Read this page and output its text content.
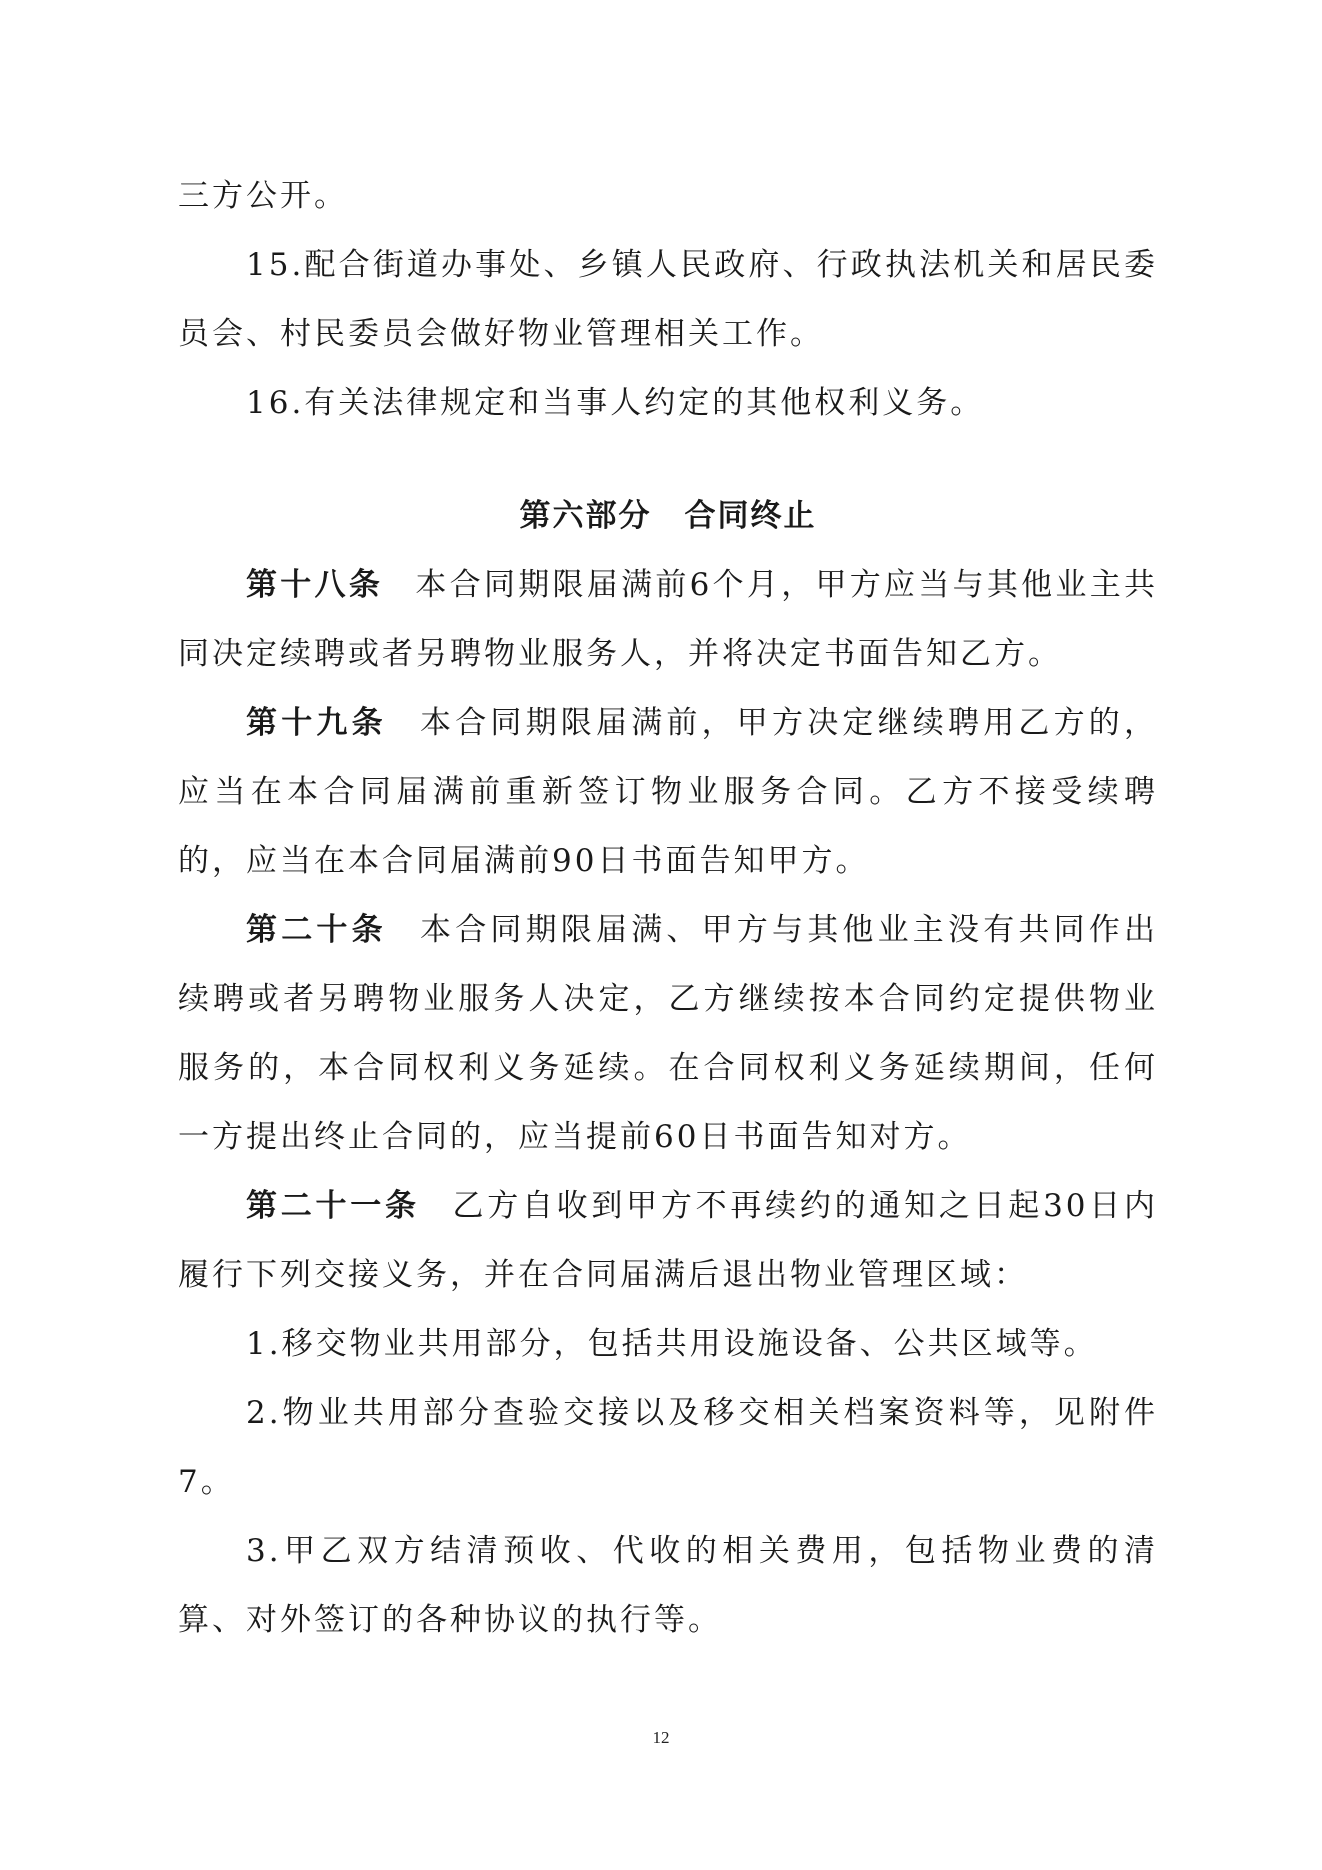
三方公开。

15.配合街道办事处、乡镇人民政府、行政执法机关和居民委员会、村民委员会做好物业管理相关工作。

16.有关法律规定和当事人约定的其他权利义务。

第六部分　合同终止

第十八条 本合同期限届满前6个月，甲方应当与其他业主共同决定续聘或者另聘物业服务人，并将决定书面告知乙方。

第十九条 本合同期限届满前，甲方决定继续聘用乙方的，应当在本合同届满前重新签订物业服务合同。乙方不接受续聘的，应当在本合同届满前90日书面告知甲方。

第二十条 本合同期限届满、甲方与其他业主没有共同作出续聘或者另聘物业服务人决定，乙方继续按本合同约定提供物业服务的，本合同权利义务延续。在合同权利义务延续期间，任何一方提出终止合同的，应当提前60日书面告知对方。

第二十一条 乙方自收到甲方不再续约的通知之日起30日内履行下列交接义务，并在合同届满后退出物业管理区域：

1.移交物业共用部分，包括共用设施设备、公共区域等。

2.物业共用部分查验交接以及移交相关档案资料等，见附件7。

3.甲乙双方结清预收、代收的相关费用，包括物业费的清算、对外签订的各种协议的执行等。

12
